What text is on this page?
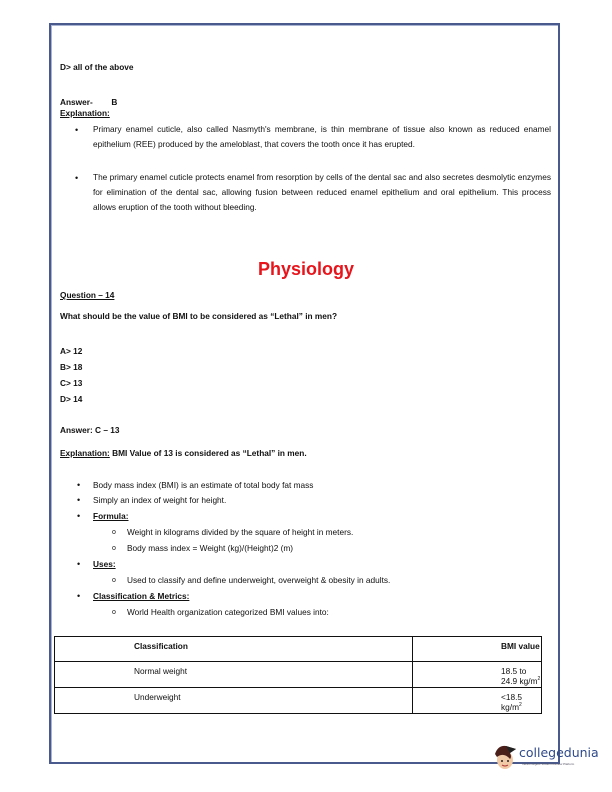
D> all of the above
Answer- B
Explanation:
• Primary enamel cuticle, also called Nasmyth's membrane, is thin membrane of tissue also known as reduced enamel epithelium (REE) produced by the ameloblast, that covers the tooth once it has erupted.
• The primary enamel cuticle protects enamel from resorption by cells of the dental sac and also secretes desmolytic enzymes for elimination of the dental sac, allowing fusion between reduced enamel epithelium and oral epithelium. This process allows eruption of the tooth without bleeding.
Physiology
Question – 14
What should be the value of BMI to be considered as “Lethal” in men?
A> 12
B> 18
C> 13
D> 14
Answer: C – 13
Explanation: BMI Value of 13 is considered as “Lethal” in men.
• Body mass index (BMI) is an estimate of total body fat mass
• Simply an index of weight for height.
• Formula:
o Weight in kilograms divided by the square of height in meters.
o Body mass index = Weight (kg)/(Height)2 (m)
• Uses:
o Used to classify and define underweight, overweight & obesity in adults.
• Classification & Metrics:
o World Health organization categorized BMI values into:
Classification	BMI value
Normal weight	18.5 to 24.9 $kg/m^2$
Underweight	<18.5 $kg/m^2$
collegedunia
India's largest Student Review Platform
